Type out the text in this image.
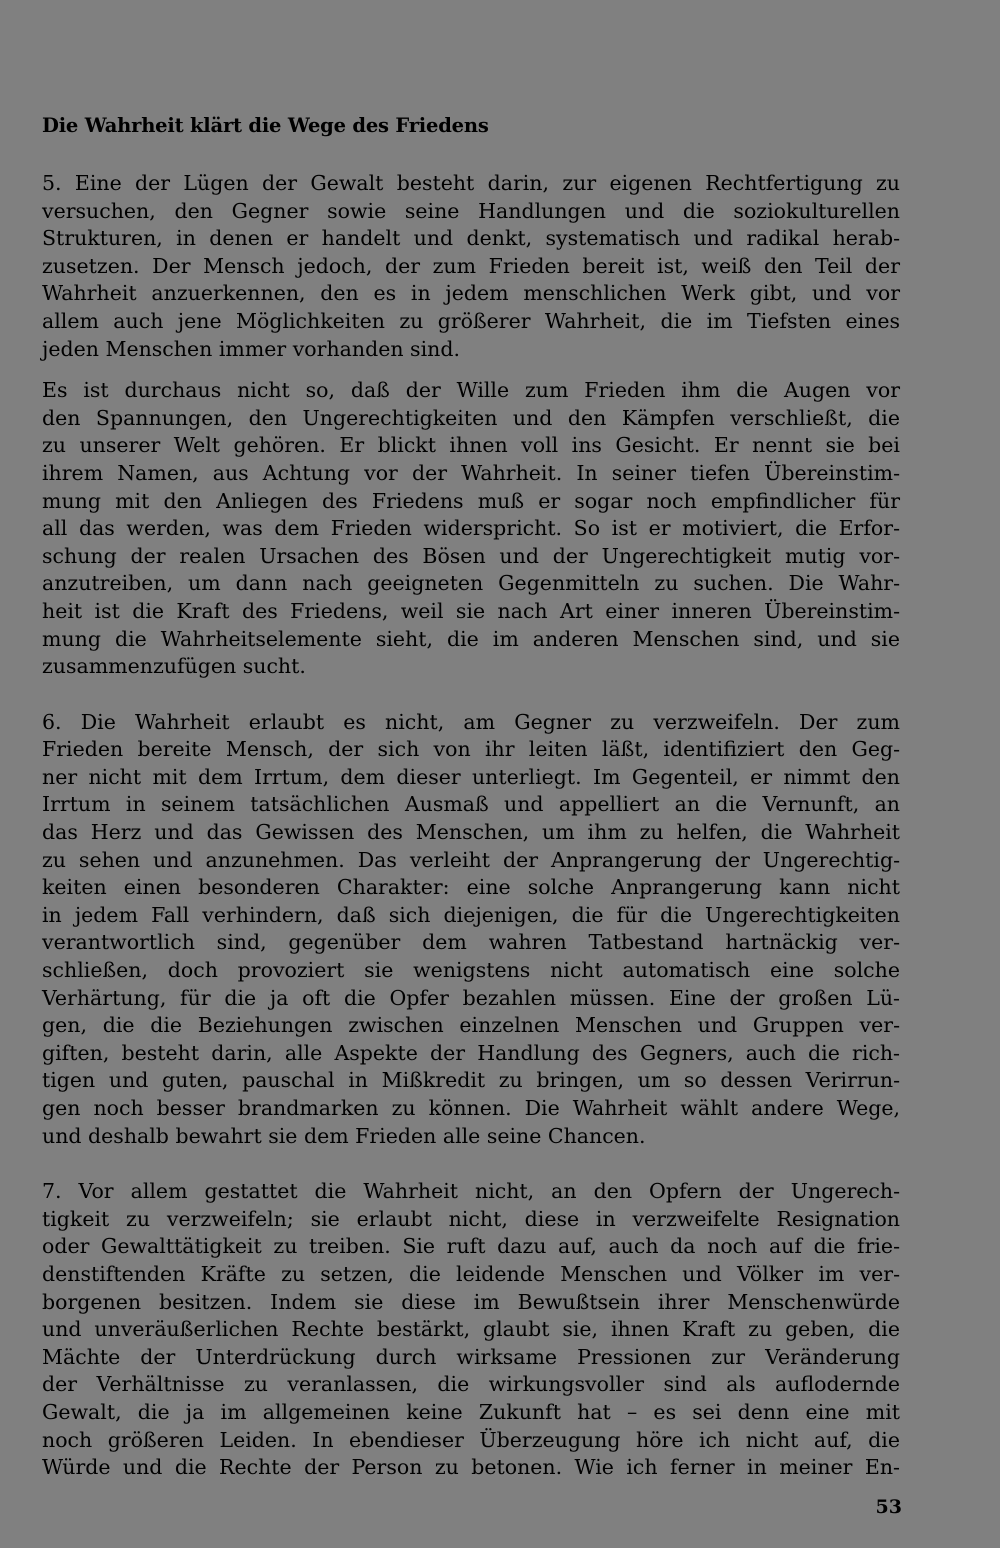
Die Wahrheit klärt die Wege des Friedens
5. Eine der Lügen der Gewalt besteht darin, zur eigenen Rechtfertigung zu
versuchen, den Gegner sowie seine Handlungen und die soziokulturellen
Strukturen, in denen er handelt und denkt, systematisch und radikal herab-
zusetzen. Der Mensch jedoch, der zum Frieden bereit ist, weiß den Teil der
Wahrheit anzuerkennen, den es in jedem menschlichen Werk gibt, und vor
allem auch jene Möglichkeiten zu größerer Wahrheit, die im Tiefsten eines
jeden Menschen immer vorhanden sind.
Es ist durchaus nicht so, daß der Wille zum Frieden ihm die Augen vor
den Spannungen, den Ungerechtigkeiten und den Kämpfen verschließt, die
zu unserer Welt gehören. Er blickt ihnen voll ins Gesicht. Er nennt sie bei
ihrem Namen, aus Achtung vor der Wahrheit. In seiner tiefen Übereinstim-
mung mit den Anliegen des Friedens muß er sogar noch empfindlicher für
all das werden, was dem Frieden widerspricht. So ist er motiviert, die Erfor-
schung der realen Ursachen des Bösen und der Ungerechtigkeit mutig vor-
anzutreiben, um dann nach geeigneten Gegenmitteln zu suchen. Die Wahr-
heit ist die Kraft des Friedens, weil sie nach Art einer inneren Übereinstim-
mung die Wahrheitselemente sieht, die im anderen Menschen sind, und sie
zusammenzufügen sucht.
6. Die Wahrheit erlaubt es nicht, am Gegner zu verzweifeln. Der zum
Frieden bereite Mensch, der sich von ihr leiten läßt, identifiziert den Geg-
ner nicht mit dem Irrtum, dem dieser unterliegt. Im Gegenteil, er nimmt den
Irrtum in seinem tatsächlichen Ausmaß und appelliert an die Vernunft, an
das Herz und das Gewissen des Menschen, um ihm zu helfen, die Wahrheit
zu sehen und anzunehmen. Das verleiht der Anprangerung der Ungerechtig-
keiten einen besonderen Charakter: eine solche Anprangerung kann nicht
in jedem Fall verhindern, daß sich diejenigen, die für die Ungerechtigkeiten
verantwortlich sind, gegenüber dem wahren Tatbestand hartnäckig ver-
schließen, doch provoziert sie wenigstens nicht automatisch eine solche
Verhärtung, für die ja oft die Opfer bezahlen müssen. Eine der großen Lü-
gen, die die Beziehungen zwischen einzelnen Menschen und Gruppen ver-
giften, besteht darin, alle Aspekte der Handlung des Gegners, auch die rich-
tigen und guten, pauschal in Mißkredit zu bringen, um so dessen Verirrun-
gen noch besser brandmarken zu können. Die Wahrheit wählt andere Wege,
und deshalb bewahrt sie dem Frieden alle seine Chancen.
7. Vor allem gestattet die Wahrheit nicht, an den Opfern der Ungerech-
tigkeit zu verzweifeln; sie erlaubt nicht, diese in verzweifelte Resignation
oder Gewalttätigkeit zu treiben. Sie ruft dazu auf, auch da noch auf die frie-
denstiftenden Kräfte zu setzen, die leidende Menschen und Völker im ver-
borgenen besitzen. Indem sie diese im Bewußtsein ihrer Menschenwürde
und unveräußerlichen Rechte bestärkt, glaubt sie, ihnen Kraft zu geben, die
Mächte der Unterdrückung durch wirksame Pressionen zur Veränderung
der Verhältnisse zu veranlassen, die wirkungsvoller sind als auflodernde
Gewalt, die ja im allgemeinen keine Zukunft hat – es sei denn eine mit
noch größeren Leiden. In ebendieser Überzeugung höre ich nicht auf, die
Würde und die Rechte der Person zu betonen. Wie ich ferner in meiner En-
53
